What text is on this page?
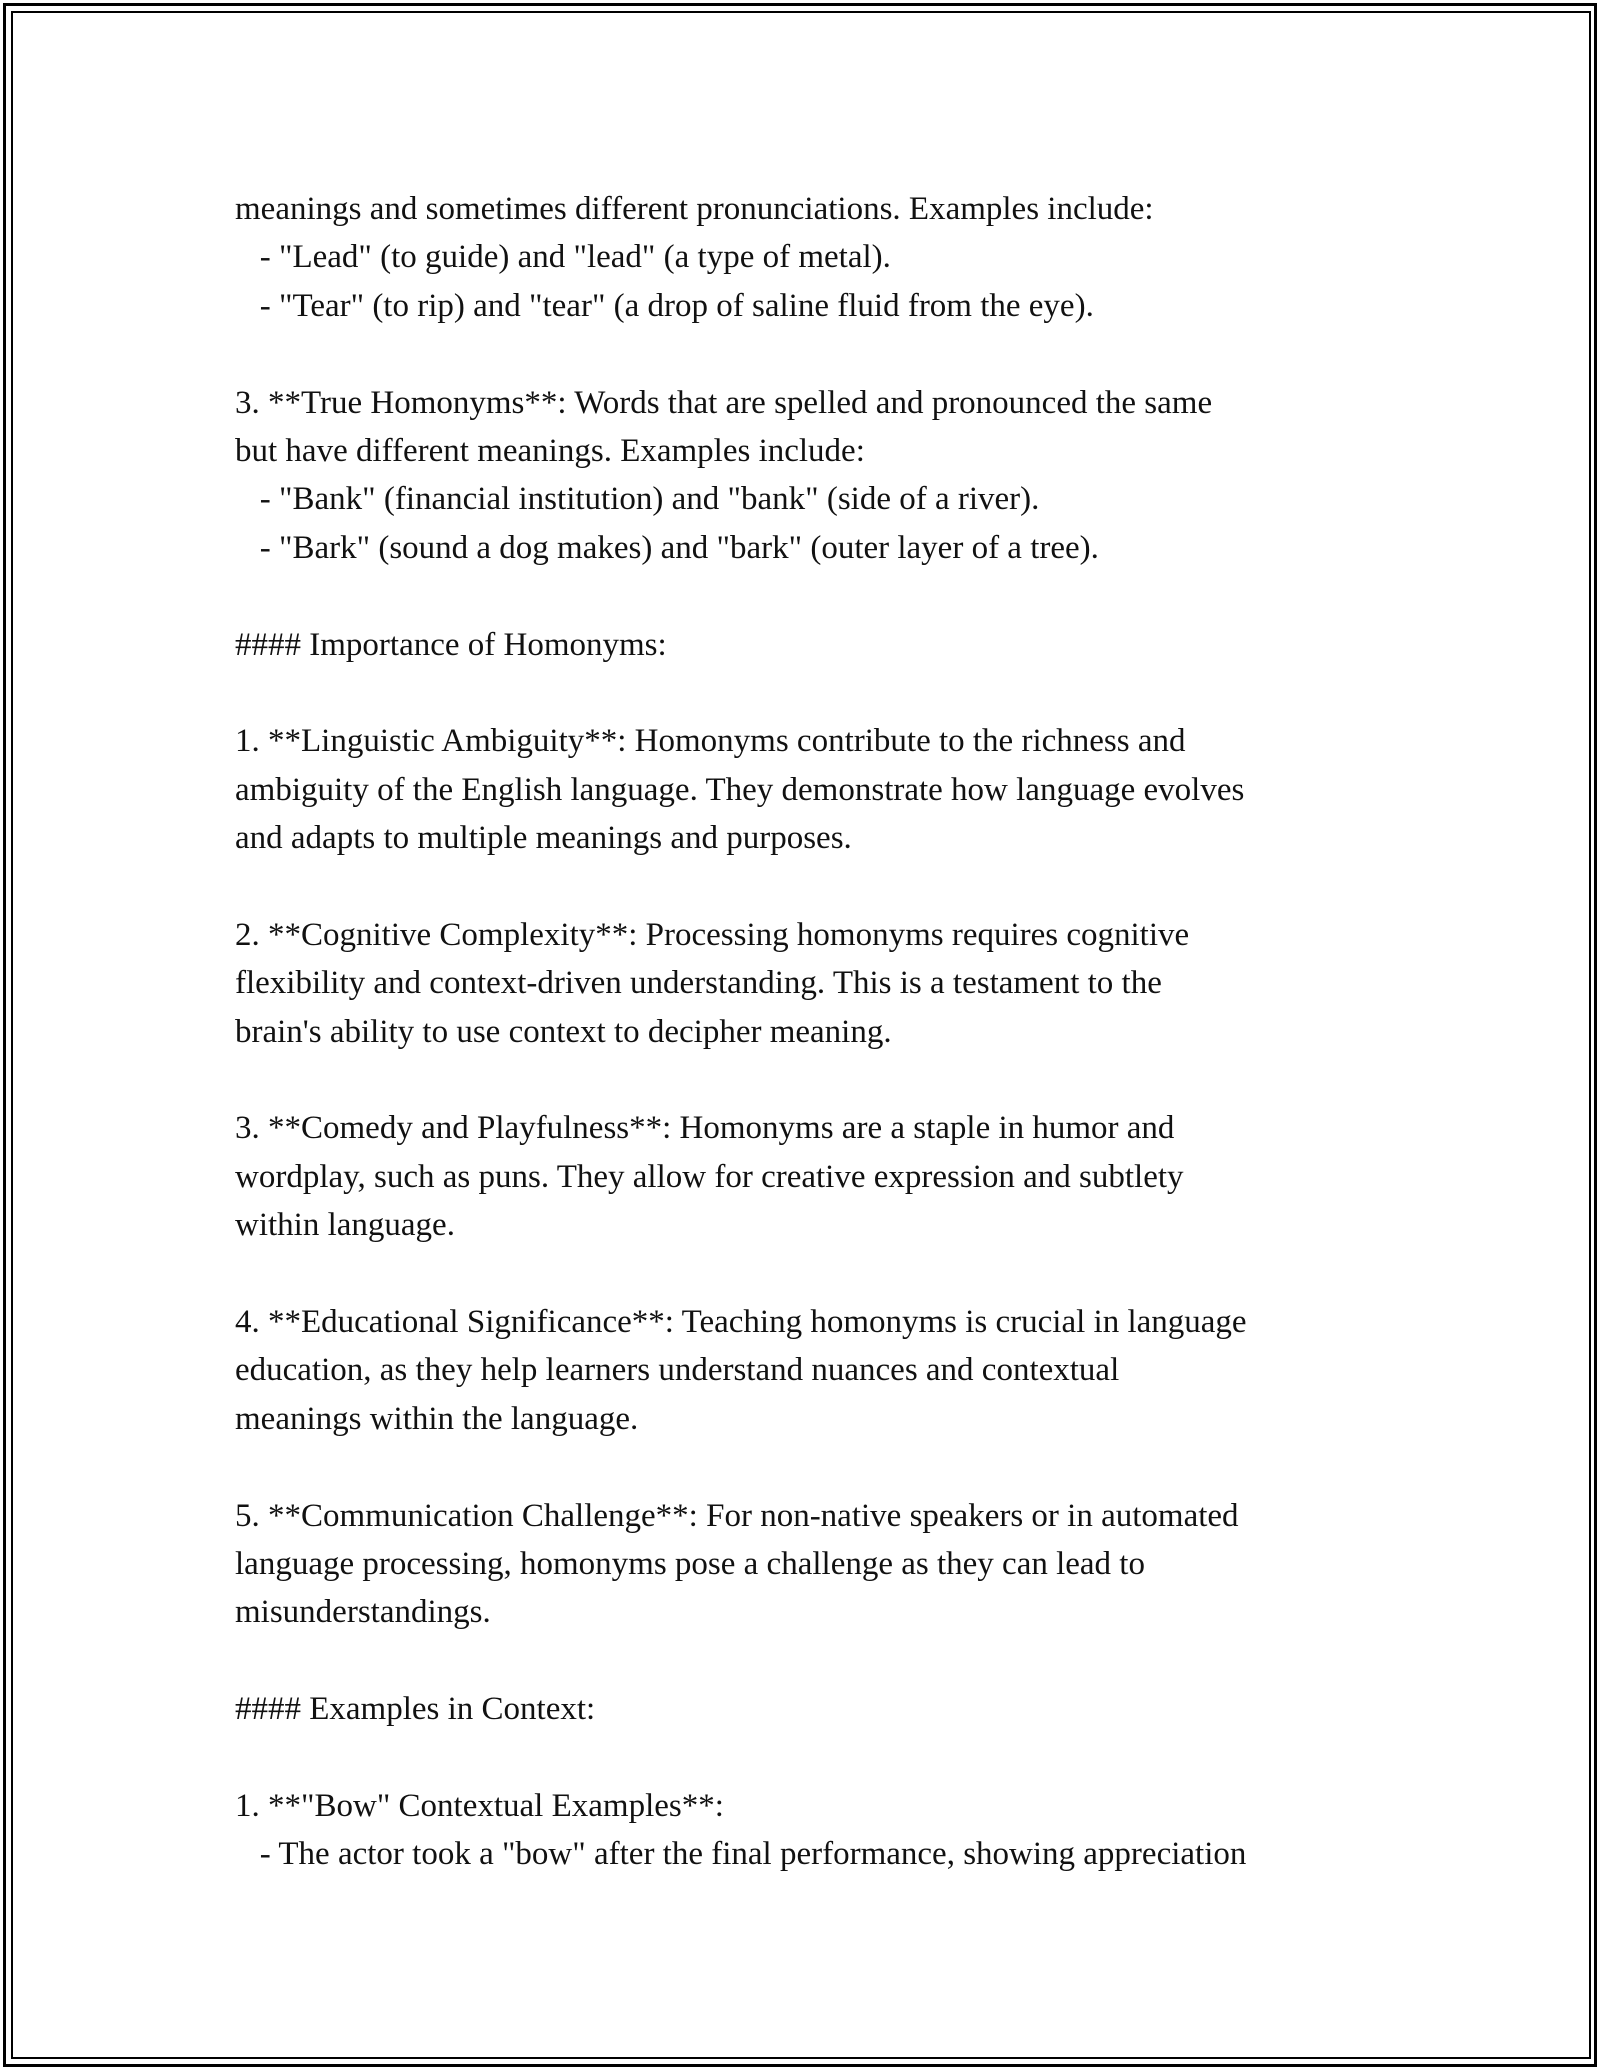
meanings and sometimes different pronunciations. Examples include:
- "Lead" (to guide) and "lead" (a type of metal).
- "Tear" (to rip) and "tear" (a drop of saline fluid from the eye).
3. **True Homonyms**: Words that are spelled and pronounced the same
but have different meanings. Examples include:
- "Bank" (financial institution) and "bank" (side of a river).
- "Bark" (sound a dog makes) and "bark" (outer layer of a tree).
#### Importance of Homonyms:
1. **Linguistic Ambiguity**: Homonyms contribute to the richness and
ambiguity of the English language. They demonstrate how language evolves
and adapts to multiple meanings and purposes.
2. **Cognitive Complexity**: Processing homonyms requires cognitive
flexibility and context-driven understanding. This is a testament to the
brain's ability to use context to decipher meaning.
3. **Comedy and Playfulness**: Homonyms are a staple in humor and
wordplay, such as puns. They allow for creative expression and subtlety
within language.
4. **Educational Significance**: Teaching homonyms is crucial in language
education, as they help learners understand nuances and contextual
meanings within the language.
5. **Communication Challenge**: For non-native speakers or in automated
language processing, homonyms pose a challenge as they can lead to
misunderstandings.
#### Examples in Context:
1. **"Bow" Contextual Examples**:
- The actor took a "bow" after the final performance, showing appreciation
